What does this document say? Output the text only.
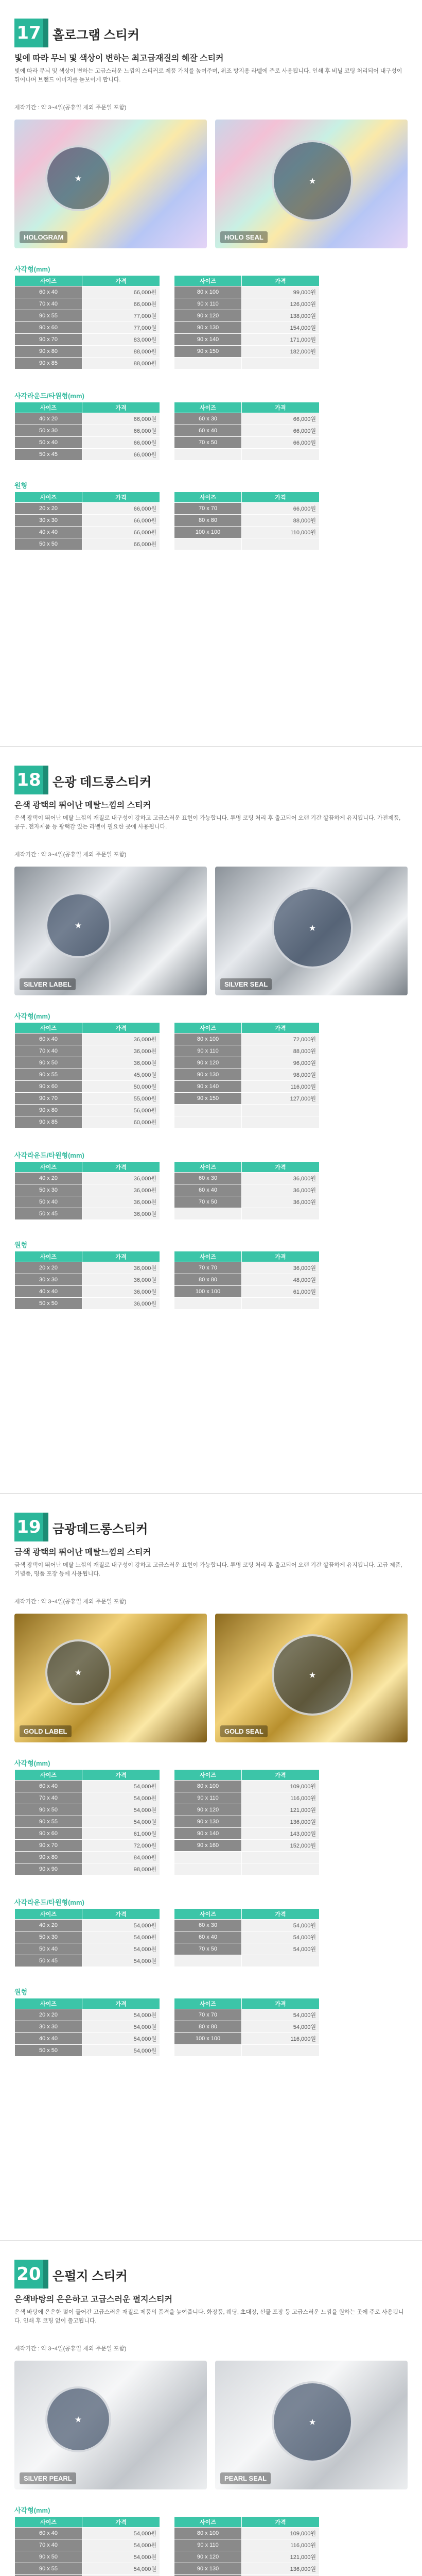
17 홀로그램 스티커
빛에 따라 무늬 및 색상이 변하는 최고급재질의 헤잘 스티커
빛에 따라 무늬 및 색상이 변하는 고급스러운 느낌의 스티커로 제품 가치를 높여주며, 위조 방지용 라벨에 주로 사용됩니다. 인쇄 후 비닐 코팅 처리되어 내구성이 뛰어나며 브랜드 이미지를 돋보이게 합니다.
제작기간 : 약 3~4일(공휴일 제외 주문일 포함)
★
HOLOGRAM
★
HOLO SEAL
사각형(mm)
사이즈	가격
60 x 40	66,000원
70 x 40	66,000원
90 x 55	77,000원
90 x 60	77,000원
90 x 70	83,000원
90 x 80	88,000원
90 x 85	88,000원
사이즈	가격
80 x 100	99,000원
90 x 110	126,000원
90 x 120	138,000원
90 x 130	154,000원
90 x 140	171,000원
90 x 150	182,000원

사각라운드/타원형(mm)
사이즈	가격
40 x 20	66,000원
50 x 30	66,000원
50 x 40	66,000원
50 x 45	66,000원
사이즈	가격
60 x 30	66,000원
60 x 40	66,000원
70 x 50	66,000원

원형
사이즈	가격
20 x 20	66,000원
30 x 30	66,000원
40 x 40	66,000원
50 x 50	66,000원
사이즈	가격
70 x 70	66,000원
80 x 80	88,000원
100 x 100	110,000원

18 은광 데드롱스티커
은색 광택의 뛰어난 메탈느낌의 스티커
은색 광택이 뛰어난 메탈 느낌의 재질로 내구성이 강하고 고급스러운 표현이 가능합니다. 투명 코팅 처리 후 출고되어 오랜 기간 깔끔하게 유지됩니다. 가전제품, 공구, 전자제품 등 광택감 있는 라벨이 필요한 곳에 사용됩니다.
제작기간 : 약 3~4일(공휴일 제외 주문일 포함)
★
SILVER LABEL
★
SILVER SEAL
사각형(mm)
사이즈	가격
60 x 40	36,000원
70 x 40	36,000원
90 x 50	36,000원
90 x 55	45,000원
90 x 60	50,000원
90 x 70	55,000원
90 x 80	56,000원
90 x 85	60,000원
사이즈	가격
80 x 100	72,000원
90 x 110	88,000원
90 x 120	96,000원
90 x 130	98,000원
90 x 140	116,000원
90 x 150	127,000원

사각라운드/타원형(mm)
사이즈	가격
40 x 20	36,000원
50 x 30	36,000원
50 x 40	36,000원
50 x 45	36,000원
사이즈	가격
60 x 30	36,000원
60 x 40	36,000원
70 x 50	36,000원

원형
사이즈	가격
20 x 20	36,000원
30 x 30	36,000원
40 x 40	36,000원
50 x 50	36,000원
사이즈	가격
70 x 70	36,000원
80 x 80	48,000원
100 x 100	61,000원

19 금광데드롱스티커
금색 광택의 뛰어난 메탈느낌의 스티커
금색 광택이 뛰어난 메탈 느낌의 재질로 내구성이 강하고 고급스러운 표현이 가능합니다. 투명 코팅 처리 후 출고되어 오랜 기간 깔끔하게 유지됩니다. 고급 제품, 기념품, 명품 포장 등에 사용됩니다.
제작기간 : 약 3~4일(공휴일 제외 주문일 포함)
★
GOLD LABEL
★
GOLD SEAL
사각형(mm)
사이즈	가격
60 x 40	54,000원
70 x 40	54,000원
90 x 50	54,000원
90 x 55	54,000원
90 x 60	61,000원
90 x 70	72,000원
90 x 80	84,000원
90 x 90	98,000원
사이즈	가격
80 x 100	109,000원
90 x 110	116,000원
90 x 120	121,000원
90 x 130	136,000원
90 x 140	143,000원
90 x 160	152,000원

사각라운드/타원형(mm)
사이즈	가격
40 x 20	54,000원
50 x 30	54,000원
50 x 40	54,000원
50 x 45	54,000원
사이즈	가격
60 x 30	54,000원
60 x 40	54,000원
70 x 50	54,000원

원형
사이즈	가격
20 x 20	54,000원
30 x 30	54,000원
40 x 40	54,000원
50 x 50	54,000원
사이즈	가격
70 x 70	54,000원
80 x 80	54,000원
100 x 100	116,000원

20 은펄지 스티커
은색바탕의 은은하고 고급스러운 펄지스티커
은색 바탕에 은은한 펄이 들어간 고급스러운 재질로 제품의 품격을 높여줍니다. 화장품, 웨딩, 초대장, 선물 포장 등 고급스러운 느낌을 원하는 곳에 주로 사용됩니다. 인쇄 후 코팅 없이 출고됩니다.
제작기간 : 약 3~4일(공휴일 제외 주문일 포함)
★
SILVER PEARL
★
PEARL SEAL
사각형(mm)
사이즈	가격
60 x 40	54,000원
70 x 40	54,000원
90 x 50	54,000원
90 x 55	54,000원

사이즈	가격
80 x 100	109,000원
90 x 110	116,000원
90 x 120	121,000원
90 x 130	136,000원
